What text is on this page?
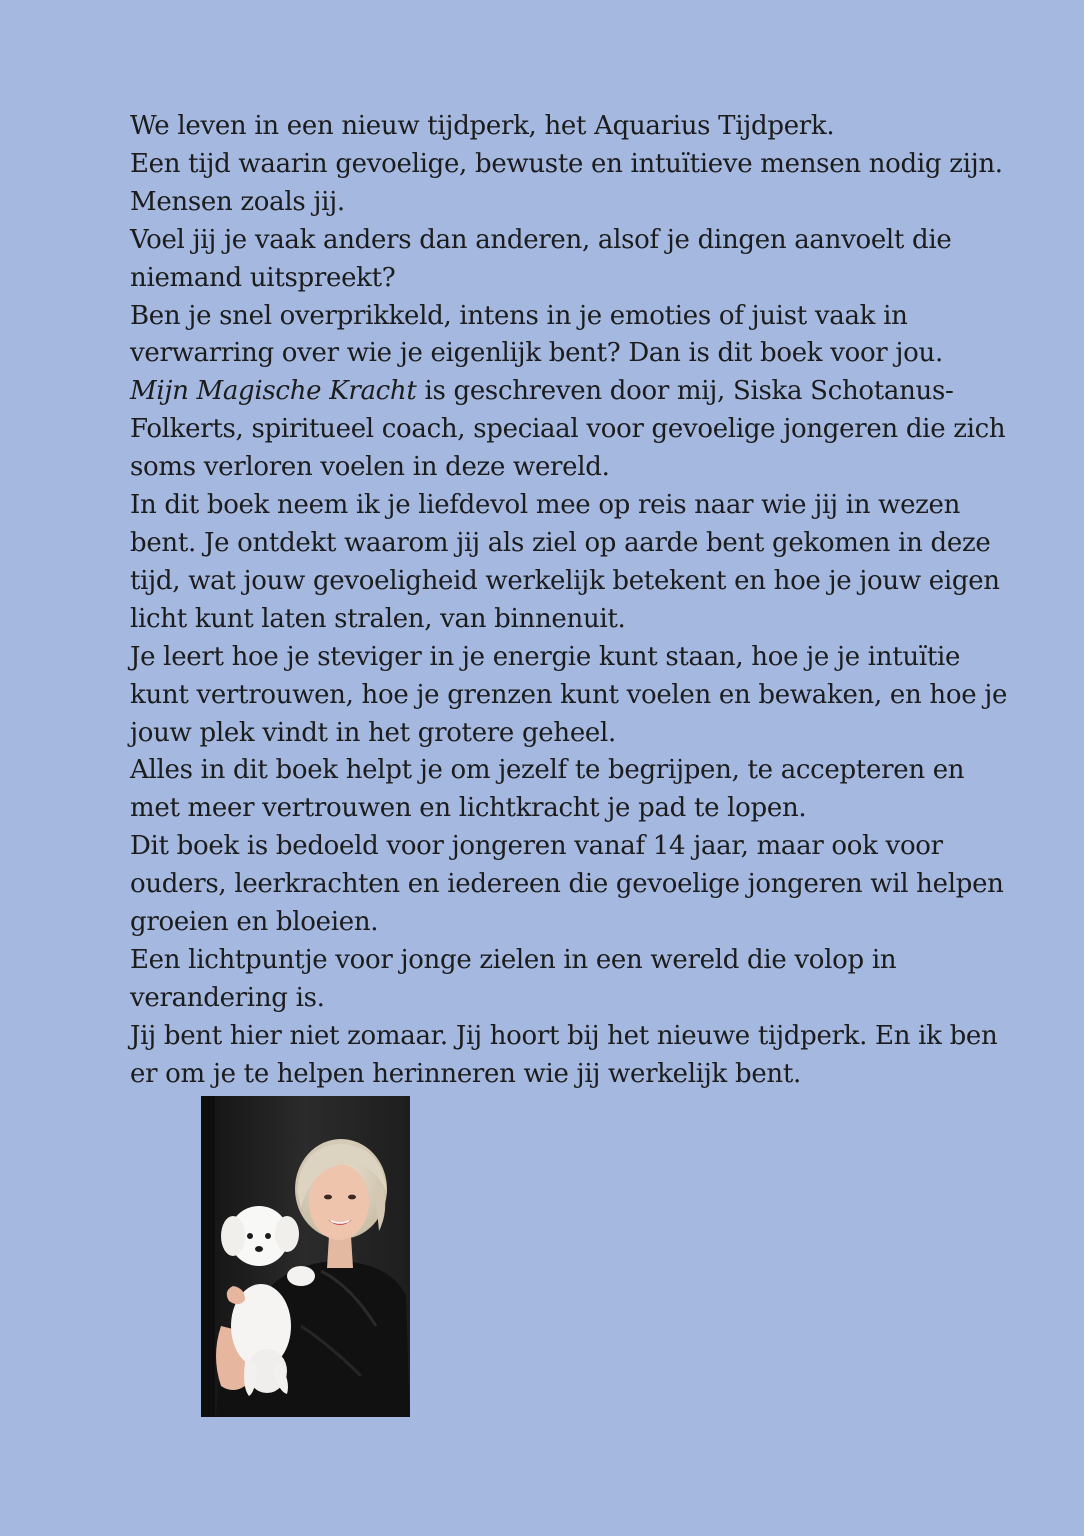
We leven in een nieuw tijdperk, het Aquarius Tijdperk.

Een tijd waarin gevoelige, bewuste en intuïtieve mensen nodig zijn.

Mensen zoals jij.

Voel jij je vaak anders dan anderen, alsof je dingen aanvoelt die

niemand uitspreekt?

Ben je snel overprikkeld, intens in je emoties of juist vaak in

verwarring over wie je eigenlijk bent? Dan is dit boek voor jou.

Mijn Magische Kracht is geschreven door mij, Siska Schotanus-

Folkerts, spiritueel coach, speciaal voor gevoelige jongeren die zich

soms verloren voelen in deze wereld.

In dit boek neem ik je liefdevol mee op reis naar wie jij in wezen

bent. Je ontdekt waarom jij als ziel op aarde bent gekomen in deze

tijd, wat jouw gevoeligheid werkelijk betekent en hoe je jouw eigen

licht kunt laten stralen, van binnenuit.

Je leert hoe je steviger in je energie kunt staan, hoe je je intuïtie

kunt vertrouwen, hoe je grenzen kunt voelen en bewaken, en hoe je

jouw plek vindt in het grotere geheel.

Alles in dit boek helpt je om jezelf te begrijpen, te accepteren en

met meer vertrouwen en lichtkracht je pad te lopen.

Dit boek is bedoeld voor jongeren vanaf 14 jaar, maar ook voor

ouders, leerkrachten en iedereen die gevoelige jongeren wil helpen

groeien en bloeien.

Een lichtpuntje voor jonge zielen in een wereld die volop in

verandering is.

Jij bent hier niet zomaar. Jij hoort bij het nieuwe tijdperk. En ik ben

er om je te helpen herinneren wie jij werkelijk bent.
